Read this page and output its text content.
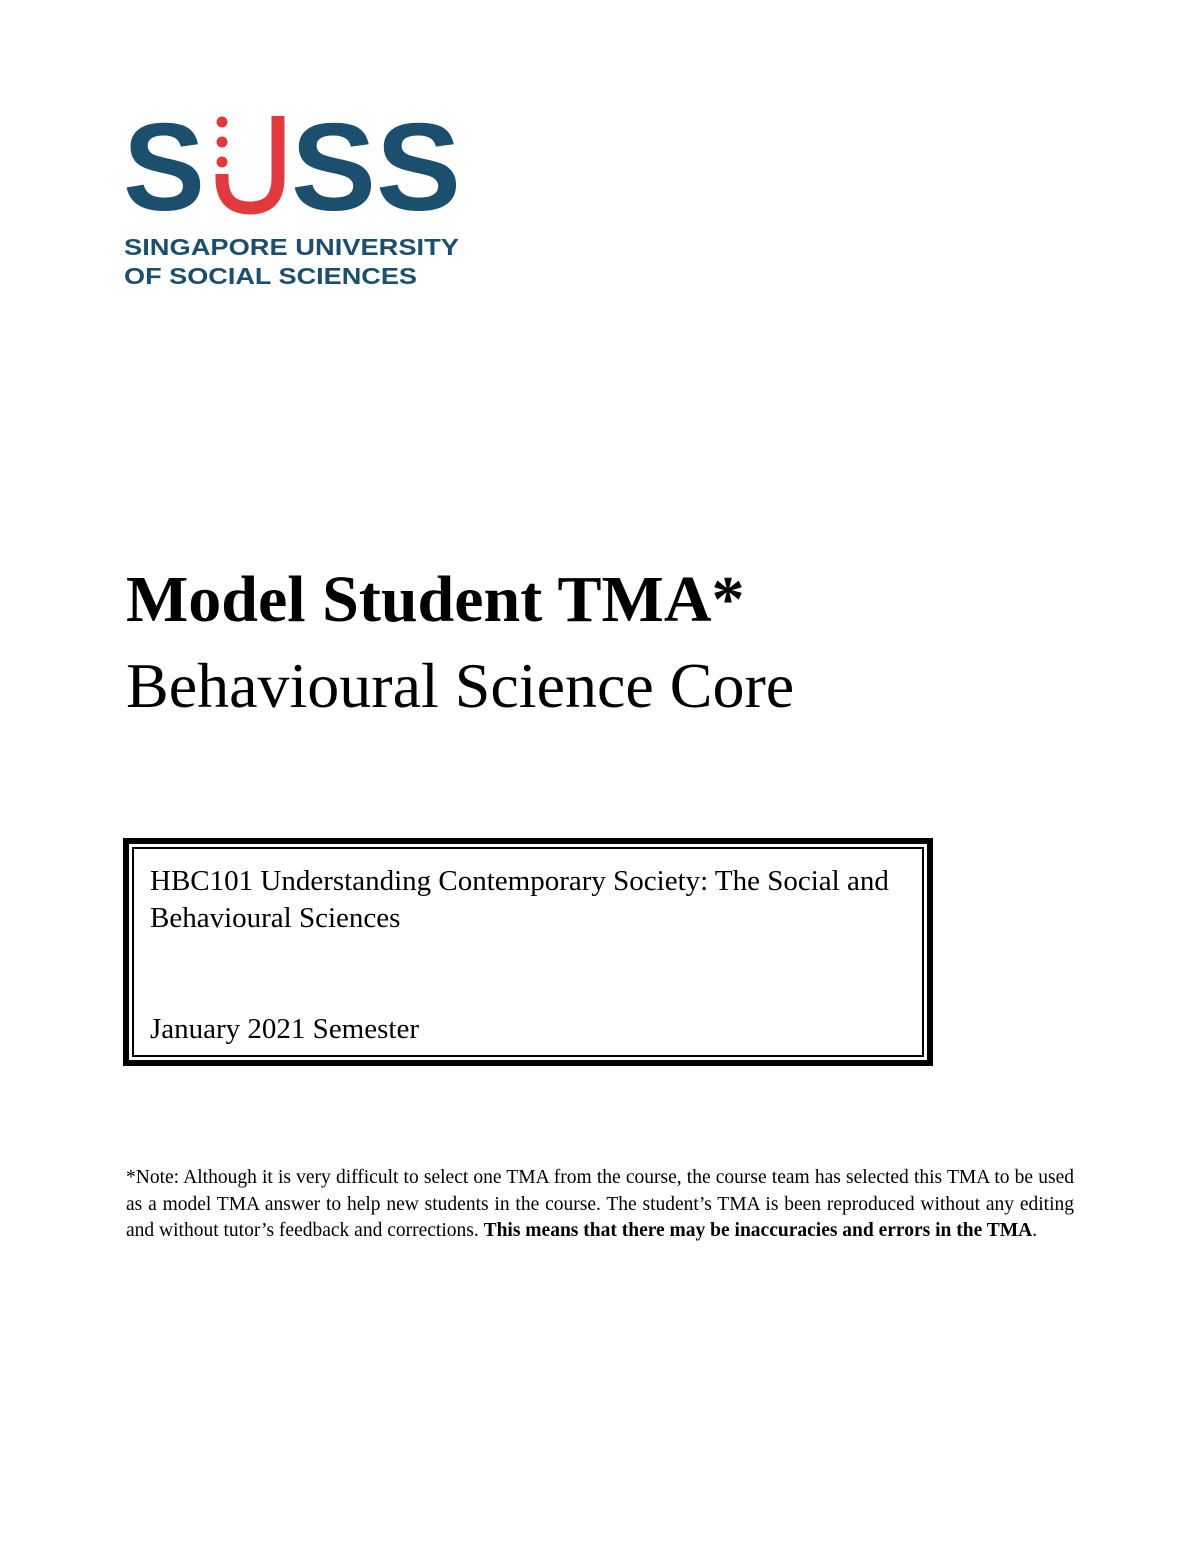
S SS
SINGAPORE UNIVERSITY
OF SOCIAL SCIENCES
Model Student TMA*
Behavioural Science Core

HBC101 Understanding Contemporary Society: The Social and Behavioural Sciences

January 2021 Semester

*Note: Although it is very difficult to select one TMA from the course, the course team has selected this TMA to be used as a model TMA answer to help new students in the course. The student’s TMA is been reproduced without any editing and without tutor’s feedback and corrections. This means that there may be inaccuracies and errors in the TMA.
